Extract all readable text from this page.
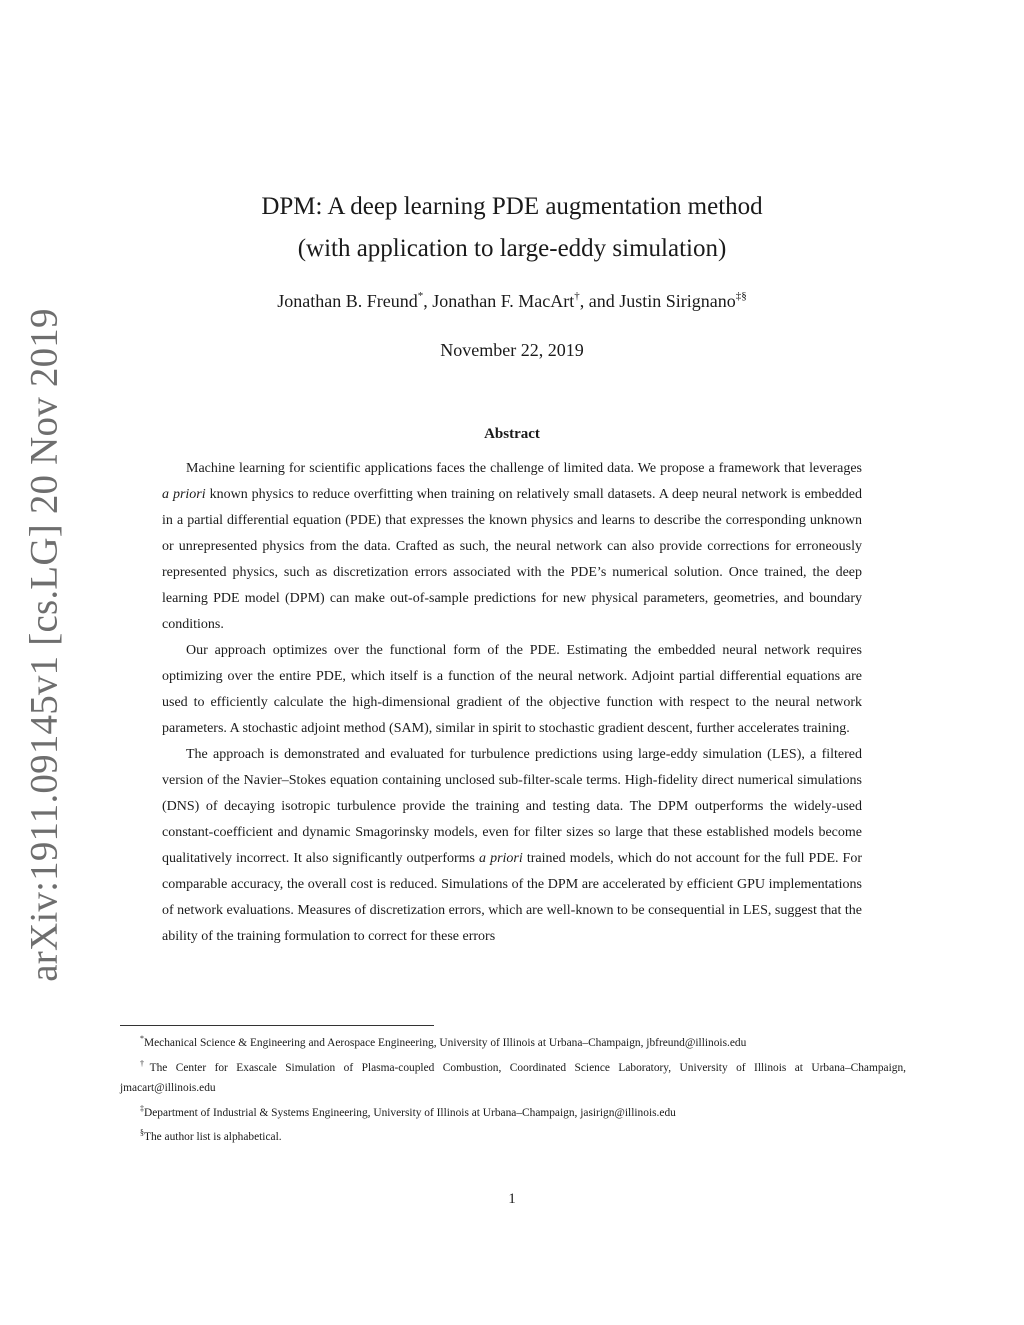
arXiv:1911.09145v1 [cs.LG] 20 Nov 2019
DPM: A deep learning PDE augmentation method
(with application to large-eddy simulation)
Jonathan B. Freund*, Jonathan F. MacArt†, and Justin Sirignano‡§
November 22, 2019
Abstract

Machine learning for scientific applications faces the challenge of limited data. We propose a framework that leverages a priori known physics to reduce overfitting when training on relatively small datasets. A deep neural network is embedded in a partial differential equation (PDE) that expresses the known physics and learns to describe the corresponding unknown or unrepresented physics from the data. Crafted as such, the neural network can also provide corrections for erroneously represented physics, such as discretization errors associated with the PDE’s numerical solution. Once trained, the deep learning PDE model (DPM) can make out-of-sample predictions for new physical parameters, geometries, and boundary conditions.

Our approach optimizes over the functional form of the PDE. Estimating the embedded neural network requires optimizing over the entire PDE, which itself is a function of the neural network. Adjoint partial differential equations are used to efficiently calculate the high-dimensional gradient of the objective function with respect to the neural network parameters. A stochastic adjoint method (SAM), similar in spirit to stochastic gradient descent, further accelerates training.

The approach is demonstrated and evaluated for turbulence predictions using large-eddy simulation (LES), a filtered version of the Navier–Stokes equation containing unclosed sub-filter-scale terms. High-fidelity direct numerical simulations (DNS) of decaying isotropic turbulence provide the training and testing data. The DPM outperforms the widely-used constant-coefficient and dynamic Smagorinsky models, even for filter sizes so large that these established models become qualitatively incorrect. It also significantly outperforms a priori trained models, which do not account for the full PDE. For comparable accuracy, the overall cost is reduced. Simulations of the DPM are accelerated by efficient GPU implementations of network evaluations. Measures of discretization errors, which are well-known to be consequential in LES, suggest that the ability of the training formulation to correct for these errors

*Mechanical Science & Engineering and Aerospace Engineering, University of Illinois at Urbana–Champaign, jbfreund@illinois.edu

†The Center for Exascale Simulation of Plasma-coupled Combustion, Coordinated Science Laboratory, University of Illinois at Urbana–Champaign, jmacart@illinois.edu

‡Department of Industrial & Systems Engineering, University of Illinois at Urbana–Champaign, jasirign@illinois.edu

§The author list is alphabetical.

1
